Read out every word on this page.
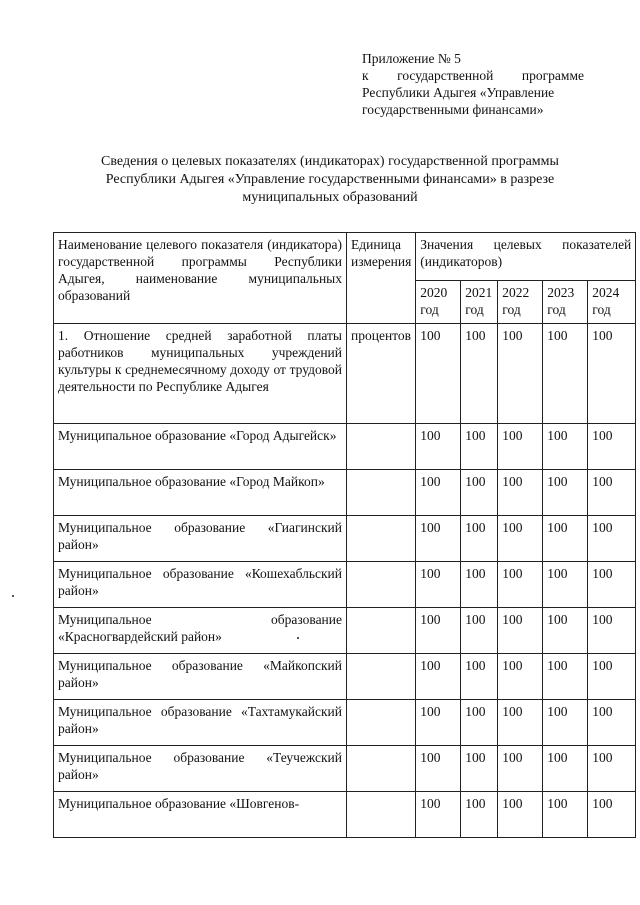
Приложение № 5
к государственной программе
Республики Адыгея «Управление
государственными финансами»
Сведения о целевых показателях (индикаторах) государственной программы Республики Адыгея «Управление государственными финансами» в разрезе муниципальных образований
Наименование целевого показателя (индикатора) государственной программы Республики Адыгея, наименование муниципальных образований	Единица измерения	Значения целевых показателей (индикаторов)				
		2020 год	2021 год	2022 год	2023 год	2024 год
1. Отношение средней заработной платы работников муниципальных учреждений культуры к среднемесячному доходу от трудовой деятельности по Республике Адыгея	процентов	100	100	100	100	100
Муниципальное образование «Город Адыгейск»		100	100	100	100	100
Муниципальное образование «Город Майкоп»		100	100	100	100	100
Муниципальное образование «Гиагинский район»		100	100	100	100	100
Муниципальное образование «Кошехабльский район»		100	100	100	100	100
Муниципальное образование «Красногвардейский район»		100	100	100	100	100
Муниципальное образование «Майкопский район»		100	100	100	100	100
Муниципальное образование «Тахтамукайский район»		100	100	100	100	100
Муниципальное образование «Теучежский район»		100	100	100	100	100
Муниципальное образование «Шовгенов-		100	100	100	100	100
